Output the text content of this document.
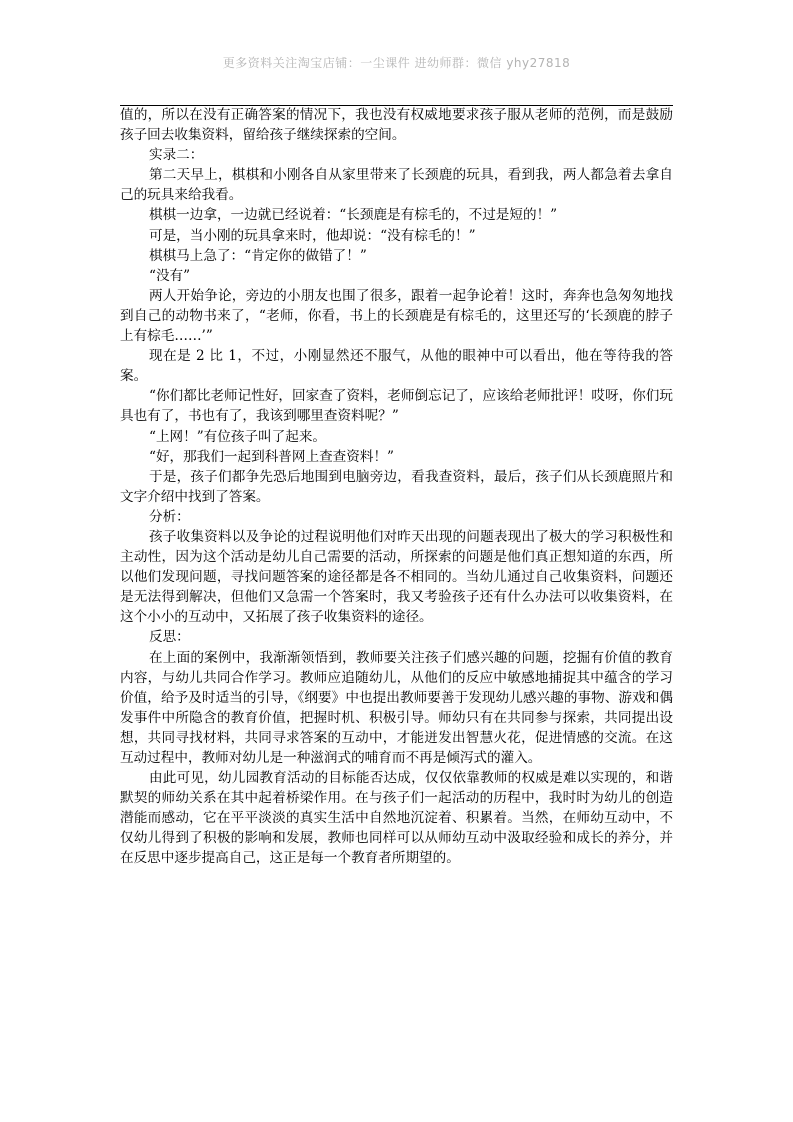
更多资料关注淘宝店铺：一尘课件 进幼师群：微信 yhy27818

值的，所以在没有正确答案的情况下，我也没有权威地要求孩子服从老师的范例，而是鼓励孩子回去收集资料，留给孩子继续探索的空间。

实录二：

第二天早上，棋棋和小刚各自从家里带来了长颈鹿的玩具，看到我，两人都急着去拿自己的玩具来给我看。

棋棋一边拿，一边就已经说着：“长颈鹿是有棕毛的，不过是短的！”

可是，当小刚的玩具拿来时，他却说：“没有棕毛的！”

棋棋马上急了：“肯定你的做错了！”

“没有”

两人开始争论，旁边的小朋友也围了很多，跟着一起争论着！这时，奔奔也急匆匆地找到自己的动物书来了，“老师，你看，书上的长颈鹿是有棕毛的，这里还写的‘长颈鹿的脖子上有棕毛……’”

现在是 2 比 1，不过，小刚显然还不服气，从他的眼神中可以看出，他在等待我的答案。

“你们都比老师记性好，回家查了资料，老师倒忘记了，应该给老师批评！哎呀，你们玩具也有了，书也有了，我该到哪里查资料呢？”

“上网！”有位孩子叫了起来。

“好，那我们一起到科普网上查查资料！”

于是，孩子们都争先恐后地围到电脑旁边，看我查资料，最后，孩子们从长颈鹿照片和文字介绍中找到了答案。

分析：

孩子收集资料以及争论的过程说明他们对昨天出现的问题表现出了极大的学习积极性和主动性，因为这个活动是幼儿自己需要的活动，所探索的问题是他们真正想知道的东西，所以他们发现问题，寻找问题答案的途径都是各不相同的。当幼儿通过自己收集资料，问题还是无法得到解决，但他们又急需一个答案时，我又考验孩子还有什么办法可以收集资料，在这个小小的互动中，又拓展了孩子收集资料的途径。

反思：

在上面的案例中，我渐渐领悟到，教师要关注孩子们感兴趣的问题，挖掘有价值的教育内容，与幼儿共同合作学习。教师应追随幼儿，从他们的反应中敏感地捕捉其中蕴含的学习价值，给予及时适当的引导，《纲要》中也提出教师要善于发现幼儿感兴趣的事物、游戏和偶发事件中所隐含的教育价值，把握时机、积极引导。师幼只有在共同参与探索，共同提出设想，共同寻找材料，共同寻求答案的互动中，才能迸发出智慧火花，促进情感的交流。在这互动过程中，教师对幼儿是一种滋润式的哺育而不再是倾泻式的灌入。

由此可见，幼儿园教育活动的目标能否达成，仅仅依靠教师的权威是难以实现的，和谐默契的师幼关系在其中起着桥梁作用。在与孩子们一起活动的历程中，我时时为幼儿的创造潜能而感动，它在平平淡淡的真实生活中自然地沉淀着、积累着。当然，在师幼互动中，不仅幼儿得到了积极的影响和发展，教师也同样可以从师幼互动中汲取经验和成长的养分，并在反思中逐步提高自己，这正是每一个教育者所期望的。
